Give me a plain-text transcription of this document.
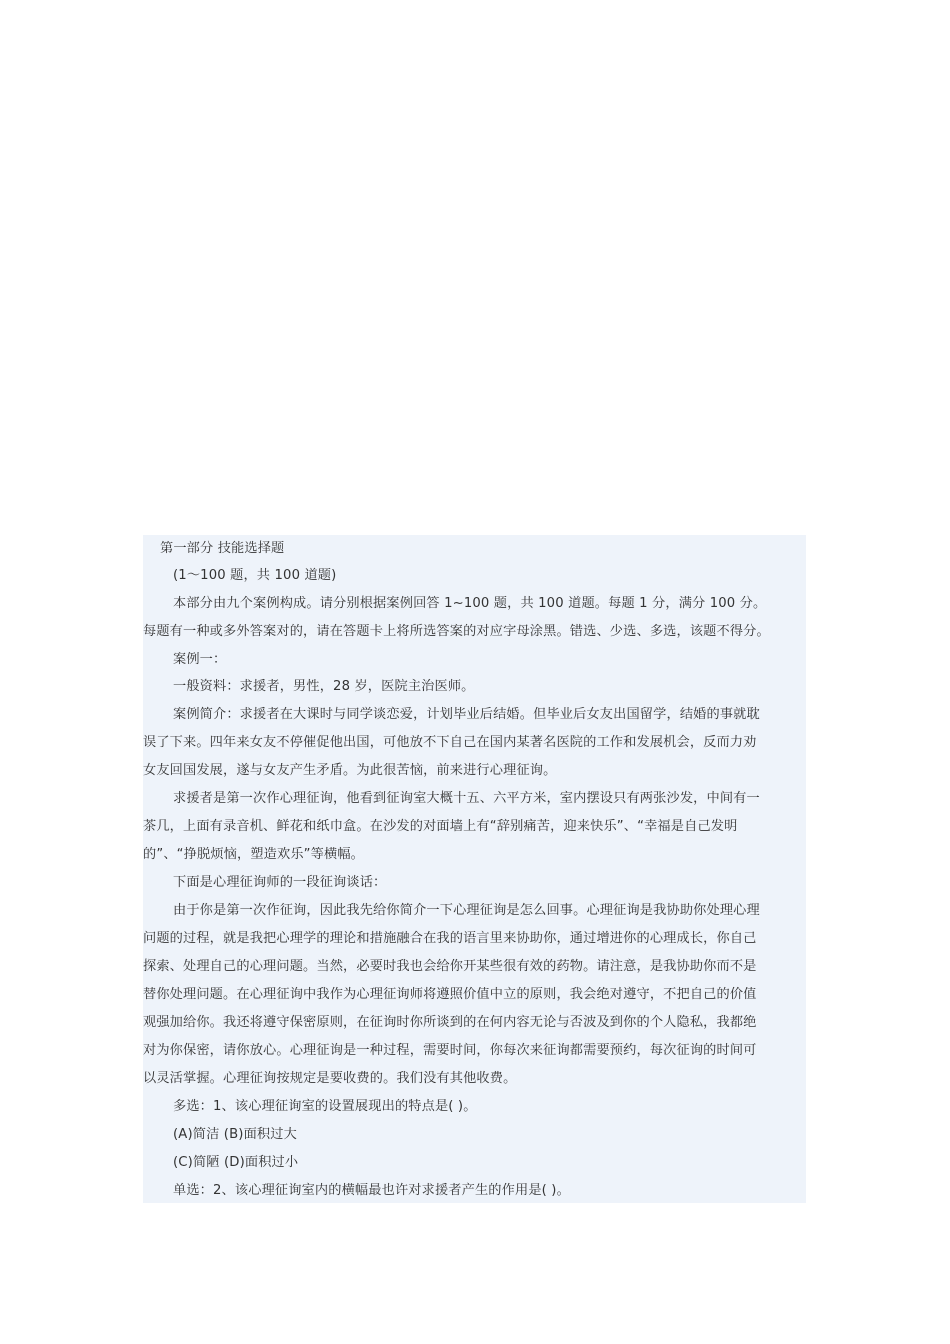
第一部分 技能选择题
(1～100 题，共 100 道题)
本部分由九个案例构成。请分别根据案例回答 1~100 题，共 100 道题。每题 1 分，满分 100 分。
每题有一种或多外答案对的，请在答题卡上将所选答案的对应字母涂黑。错选、少选、多选，该题不得分。
案例一：
一般资料：求援者，男性，28 岁，医院主治医师。
案例简介：求援者在大课时与同学谈恋爱，计划毕业后结婚。但毕业后女友出国留学，结婚的事就耽
误了下来。四年来女友不停催促他出国，可他放不下自己在国内某著名医院的工作和发展机会，反而力劝
女友回国发展，遂与女友产生矛盾。为此很苦恼，前来进行心理征询。
求援者是第一次作心理征询，他看到征询室大概十五、六平方米，室内摆设只有两张沙发，中间有一
茶几，上面有录音机、鲜花和纸巾盒。在沙发的对面墙上有“辞别痛苦，迎来快乐”、“幸福是自己发明
的”、“挣脱烦恼，塑造欢乐”等横幅。
下面是心理征询师的一段征询谈话：
由于你是第一次作征询，因此我先给你简介一下心理征询是怎么回事。心理征询是我协助你处理心理
问题的过程，就是我把心理学的理论和措施融合在我的语言里来协助你，通过增进你的心理成长，你自己
探索、处理自己的心理问题。当然，必要时我也会给你开某些很有效的药物。请注意，是我协助你而不是
替你处理问题。在心理征询中我作为心理征询师将遵照价值中立的原则，我会绝对遵守，不把自己的价值
观强加给你。我还将遵守保密原则，在征询时你所谈到的在何内容无论与否波及到你的个人隐私，我都绝
对为你保密，请你放心。心理征询是一种过程，需要时间，你每次来征询都需要预约，每次征询的时间可
以灵活掌握。心理征询按规定是要收费的。我们没有其他收费。
多选：1、该心理征询室的设置展现出的特点是( )。
(A)简洁 (B)面积过大
(C)简陋 (D)面积过小
单选：2、该心理征询室内的横幅最也许对求援者产生的作用是( )。
